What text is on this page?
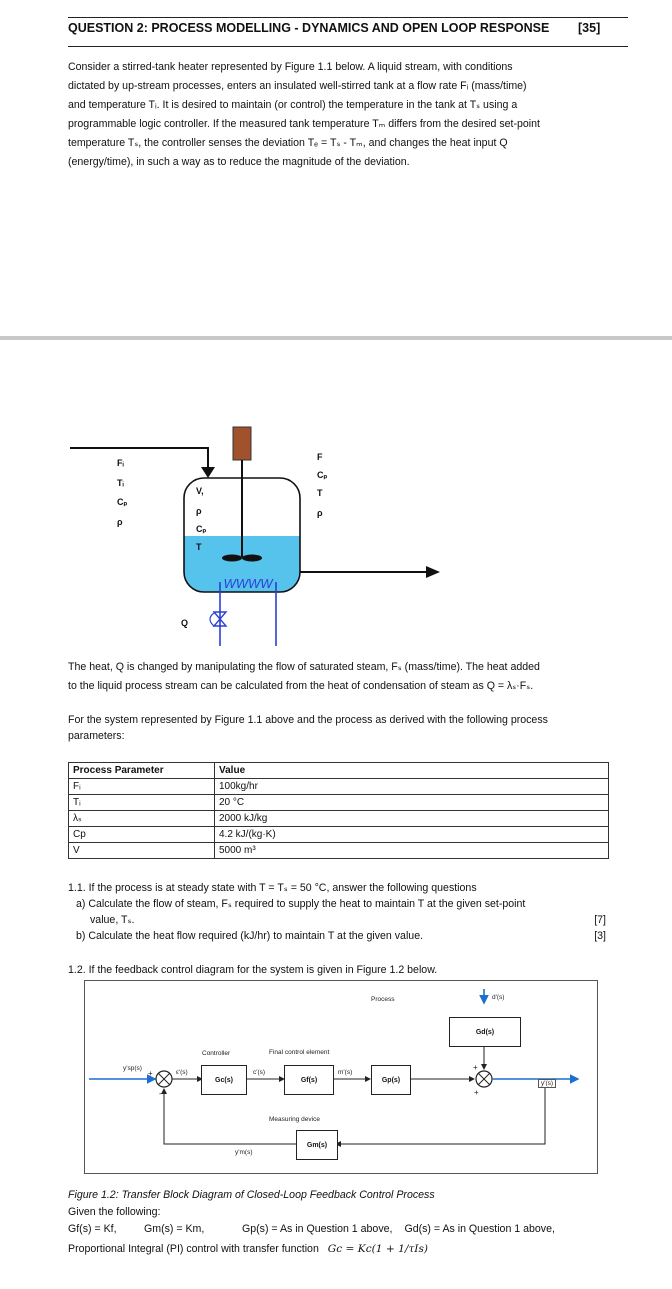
QUESTION 2: PROCESS MODELLING - DYNAMICS AND OPEN LOOP RESPONSE [35]

Consider a stirred-tank heater represented by Figure 1.1 below. A liquid stream, with conditions

dictated by up-stream processes, enters an insulated well-stirred tank at a flow rate Fᵢ (mass/time)

and temperature Tᵢ. It is desired to maintain (or control) the temperature in the tank at Tₛ using a

programmable logic controller. If the measured tank temperature Tₘ differs from the desired set-point

temperature Tₛ, the controller senses the deviation Tₑ = Tₛ - Tₘ, and changes the heat input Q

(energy/time), in such a way as to reduce the magnitude of the deviation.

WWWW
Fᵢ
Tᵢ
Cₚ
ρ
V,
ρ
Cₚ
T
F
Cₚ
T
ρ
Q

The heat, Q is changed by manipulating the flow of saturated steam, Fₛ (mass/time). The heat added

to the liquid process stream can be calculated from the heat of condensation of steam as Q = λₛ·Fₛ.

For the system represented by Figure 1.1 above and the process as derived with the following process

parameters:

Process Parameter	Value
Fᵢ	100kg/hr
Tᵢ	20 °C
λₛ	2000 kJ/kg
Cp	4.2 kJ/(kg·K)
V	5000 m³
1.1. If the process is at steady state with T = Tₛ = 50 °C, answer the following questions
a) Calculate the flow of steam, Fₛ required to supply the heat to maintain T at the given set-point
value, Tₛ.	[7]
b) Calculate the heat flow required (kJ/hr) to maintain T at the given value.	[3]
1.2. If the feedback control diagram for the system is given in Figure 1.2 below.
Process	d'(s)
Gd(s)
Controller	Final control element
y'sp(s)
+
-
ε'(s)
Gc(s)
c'(s)
Gf(s)
m'(s)
Gp(s)
+
+
y'(s)
Measuring device
Gm(s)
y'm(s)
Figure 1.2: Transfer Block Diagram of Closed-Loop Feedback Control Process
Given the following:
Gf(s) = Kf,	Gm(s) = Km,	Gp(s) = As in Question 1 above, Gd(s) = As in Question 1 above,
Proportional Integral (PI) control with transfer function Gc = Kc(1 + 1/τIs)
